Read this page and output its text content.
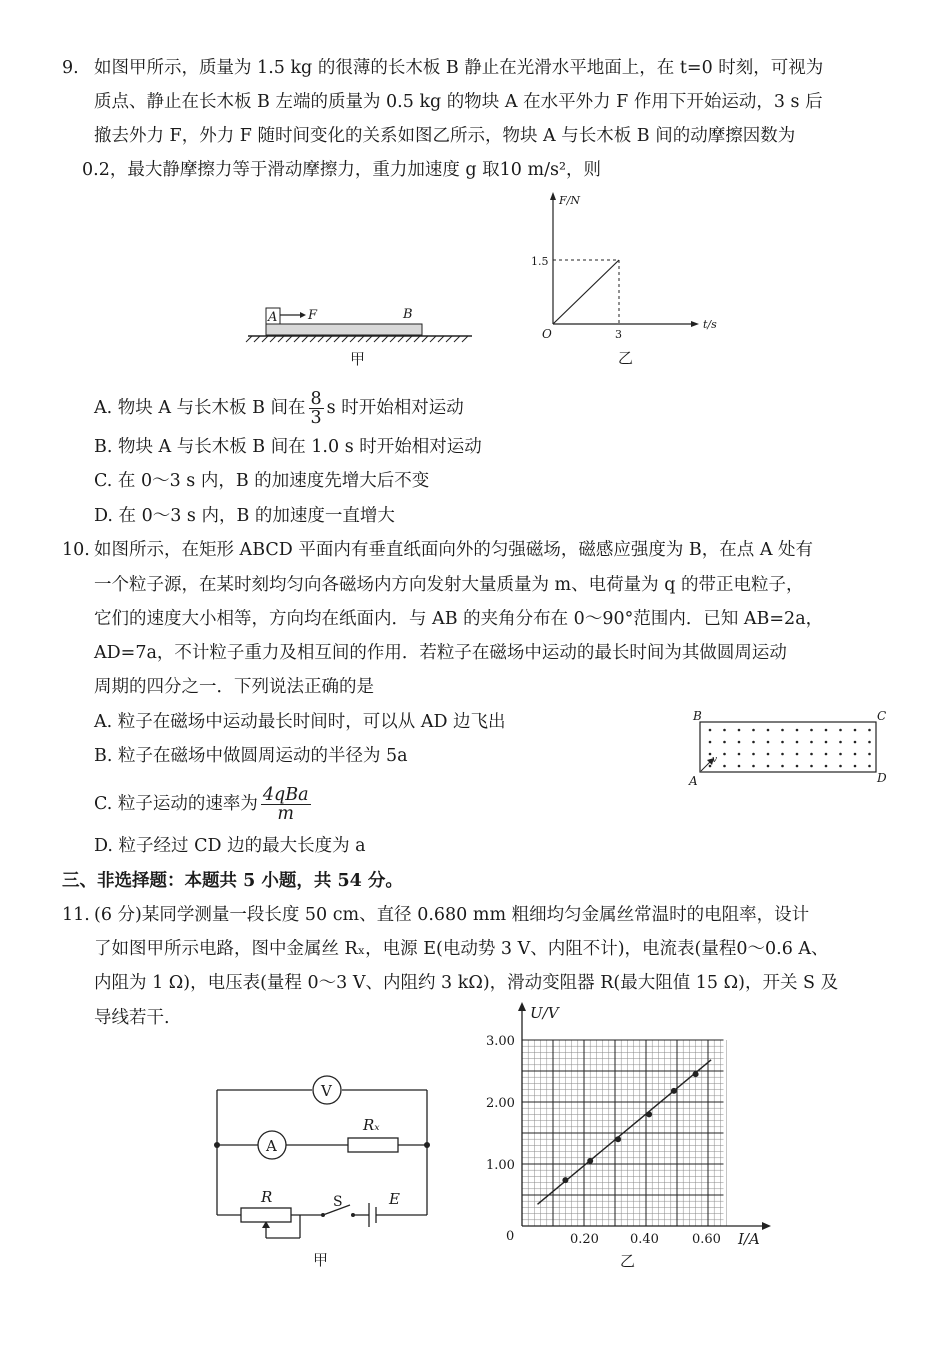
9. 如图甲所示，质量为 1.5 kg 的很薄的长木板 B 静止在光滑水平地面上，在 t=0 时刻，可视为
质点、静止在长木板 B 左端的质量为 0.5 kg 的物块 A 在水平外力 F 作用下开始运动，3 s 后
撤去外力 F，外力 F 随时间变化的关系如图乙所示，物块 A 与长木板 B 间的动摩擦因数为
0.2，最大静摩擦力等于滑动摩擦力，重力加速度 g 取10 m/s²，则
A F	B
甲
F/N
t/s
O
1.5
3
乙
A. 物块 A 与长木板 B 间在 $\frac{8}{3}$ s 时开始相对运动
B. 物块 A 与长木板 B 间在 1.0 s 时开始相对运动
C. 在 0～3 s 内，B 的加速度先增大后不变
D. 在 0～3 s 内，B 的加速度一直增大
10. 如图所示，在矩形 ABCD 平面内有垂直纸面向外的匀强磁场，磁感应强度为 B，在点 A 处有
一个粒子源，在某时刻均匀向各磁场内方向发射大量质量为 m、电荷量为 q 的带正电粒子，
它们的速度大小相等，方向均在纸面内．与 AB 的夹角分布在 0～90°范围内．已知 AB=2a，
AD=7a，不计粒子重力及相互间的作用．若粒子在磁场中运动的最长时间为其做圆周运动
周期的四分之一．下列说法正确的是
A. 粒子在磁场中运动最长时间时，可以从 AD 边飞出
B. 粒子在磁场中做圆周运动的半径为 5a
C. 粒子运动的速率为 $\frac{\text{4qBa}}{m}$
D. 粒子经过 CD 边的最大长度为 a
B	C
A	D
v
三、非选择题：本题共 5 小题，共 54 分。
11. (6 分)某同学测量一段长度 50 cm、直径 0.680 mm 粗细均匀金属丝常温时的电阻率，设计
了如图甲所示电路，图中金属丝 Rₓ，电源 E(电动势 3 V、内阻不计)，电流表(量程0～0.6 A、
内阻为 1 Ω)，电压表(量程 0～3 V、内阻约 3 kΩ)，滑动变阻器 R(最大阻值 15 Ω)，开关 S 及
导线若干.
V
A
Rₓ
R	S	E
甲
U/V
I/A
0
1.00
2.00
3.00
0.20 0.40	0.60
乙
